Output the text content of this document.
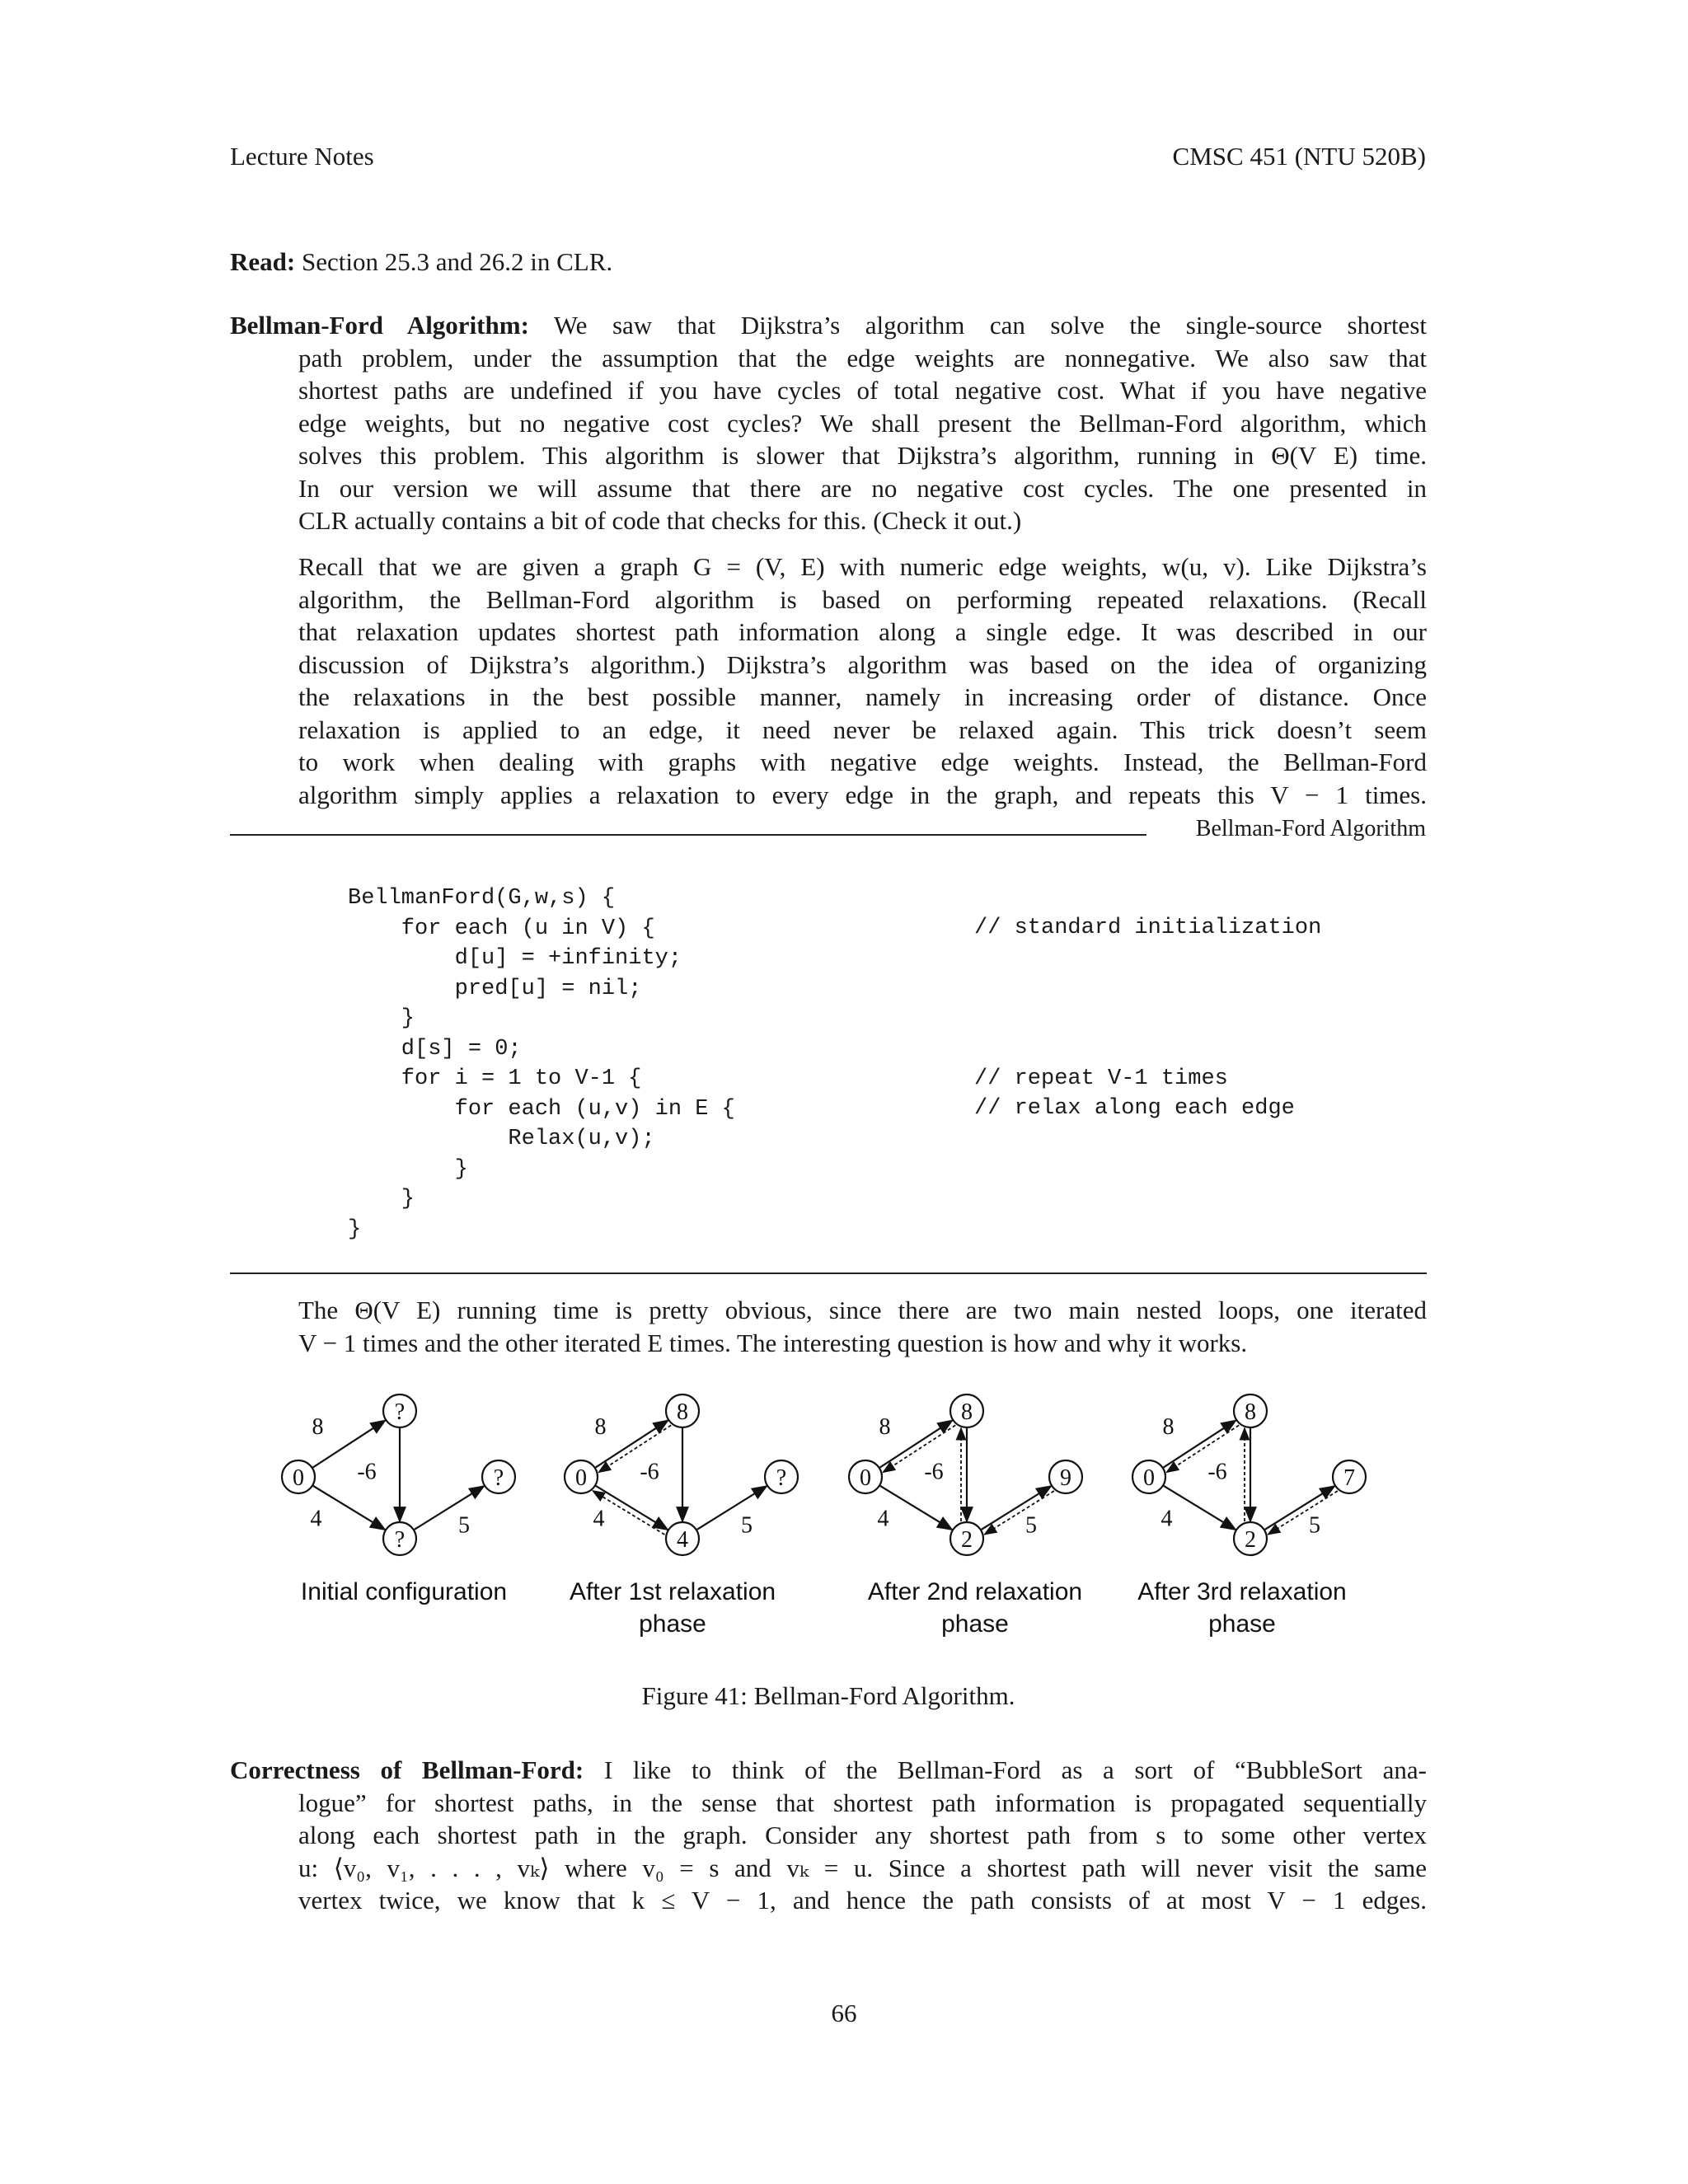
Lecture Notes	CMSC 451 (NTU 520B)
Read: Section 25.3 and 26.2 in CLR.
Bellman-Ford Algorithm: We saw that Dijkstra’s algorithm can solve the single-source shortest
path problem, under the assumption that the edge weights are nonnegative. We also saw that
shortest paths are undefined if you have cycles of total negative cost. What if you have negative
edge weights, but no negative cost cycles? We shall present the Bellman-Ford algorithm, which
solves this problem. This algorithm is slower that Dijkstra’s algorithm, running in Θ(V E) time.
In our version we will assume that there are no negative cost cycles. The one presented in
CLR actually contains a bit of code that checks for this. (Check it out.)
Recall that we are given a graph G = (V, E) with numeric edge weights, w(u, v). Like Dijkstra’s
algorithm, the Bellman-Ford algorithm is based on performing repeated relaxations. (Recall
that relaxation updates shortest path information along a single edge. It was described in our
discussion of Dijkstra’s algorithm.) Dijkstra’s algorithm was based on the idea of organizing
the relaxations in the best possible manner, namely in increasing order of distance. Once
relaxation is applied to an edge, it need never be relaxed again. This trick doesn’t seem
to work when dealing with graphs with negative edge weights. Instead, the Bellman-Ford
algorithm simply applies a relaxation to every edge in the graph, and repeats this V − 1 times.
Bellman-Ford Algorithm
BellmanFord(G,w,s) {
for each (u in V) {
d[u] = +infinity;
pred[u] = nil;
}
d[s] = 0;
for i = 1 to V-1 {
for each (u,v) in E {
Relax(u,v);
}
}
}
// standard initialization
// repeat V-1 times
// relax along each edge
The Θ(V E) running time is pretty obvious, since there are two main nested loops, one iterated
V − 1 times and the other iterated E times. The interesting question is how and why it works.
8
4
-6
5
0
?
?
?
8
4
-6
5
0
8
4
?
8
4
-6
5
0
8
2
9
8
4
-6
5
0
8
2
7
Initial configuration	After 1st relaxation
phase
After 2nd relaxation
phase
After 3rd relaxation
phase
Figure 41: Bellman-Ford Algorithm.
Correctness of Bellman-Ford: I like to think of the Bellman-Ford as a sort of “BubbleSort ana-
logue” for shortest paths, in the sense that shortest path information is propagated sequentially
along each shortest path in the graph. Consider any shortest path from s to some other vertex
u: ⟨v₀, v₁, . . . , vₖ⟩ where v₀ = s and vₖ = u. Since a shortest path will never visit the same
vertex twice, we know that k ≤ V − 1, and hence the path consists of at most V − 1 edges.
66
